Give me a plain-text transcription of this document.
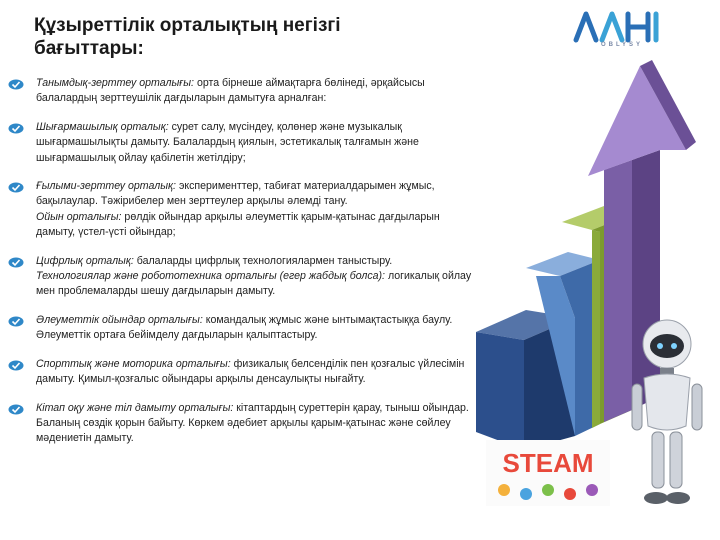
Құзыреттілік орталықтың негізгі бағыттары:	OBLYSY
Танымдық-зерттеу орталығы: орта бірнеше аймақтарға бөлінеді, әрқайсысы балалардың зерттеушілік дағдыларын дамытуға арналған:
Шығармашылық орталық: сурет салу, мүсіндеу, қолөнер және музыкалық шығармашылықты дамыту. Балалардың қиялын, эстетикалық талғамын және шығармашылық ойлау қабілетін жетілдіру;
Ғылыми-зерттеу орталық: эксперименттер, табиғат материалдарымен жұмыс, бақылаулар. Тәжірибелер мен зерттеулер арқылы әлемді тану.
Ойын орталығы: рөлдік ойындар арқылы әлеуметтік қарым-қатынас дағдыларын дамыту, үстел-үсті ойындар;
Цифрлық орталық: балаларды цифрлық технологиялармен таныстыру.
Технологиялар және робототехника орталығы (егер жабдық болса): логикалық ойлау мен проблемаларды шешу дағдыларын дамыту.
Әлеуметтік ойындар орталығы: командалық жұмыс және ынтымақтастыққа баулу. Әлеуметтік ортаға бейімделу дағдыларын қалыптастыру.
Спорттық және моторика орталығы: физикалық белсенділік пен қозғалыс үйлесімін дамыту. Қимыл-қозғалыс ойындары арқылы денсаулықты нығайту.
Кітап оқу және тіл дамыту орталығы: кітаптардың суреттерін қарау, тыныш ойындар. Баланың сөздік қорын байыту. Көркем әдебиет арқылы қарым-қатынас және сөйлеу мәдениетін дамыту.
STEAM
